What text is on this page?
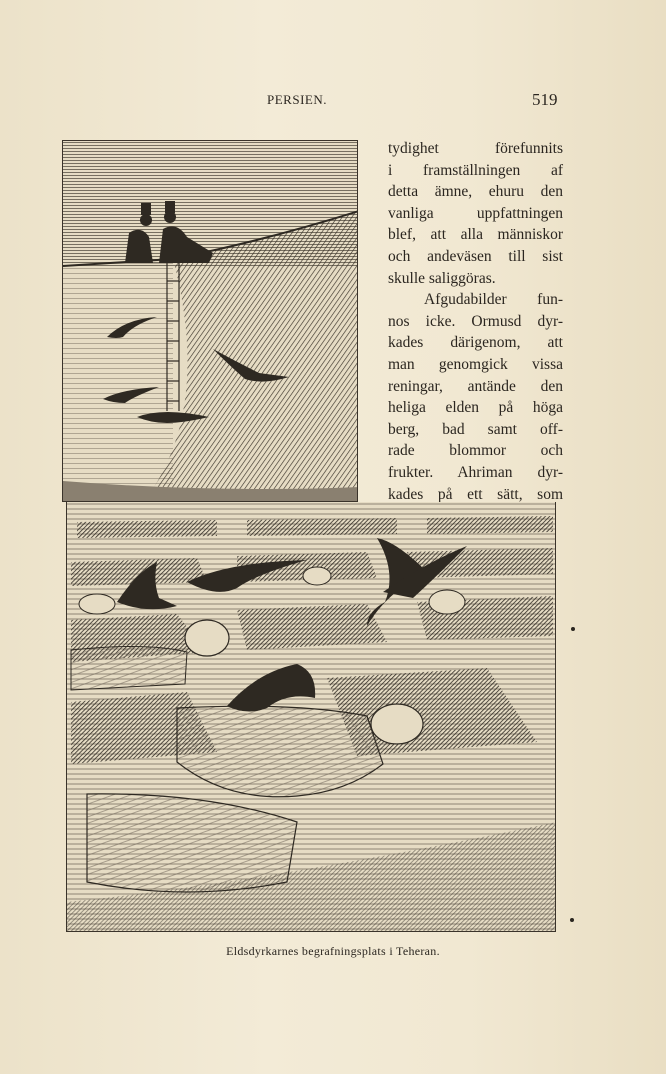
PERSIEN.	519
tydighet förefunnits
i framställningen af
detta ämne, ehuru den
vanliga uppfattningen
blef, att alla människor
och andeväsen till sist
skulle saliggöras.
Afgudabilder fun-
nos icke. Ormusd dyr-
kades därigenom, att
man genomgick vissa
reningar, antände den
heliga elden på höga
berg, bad samt off-
rade blommor och
frukter. Ahriman dyr-
kades på ett sätt, som
Eldsdyrkarnes begrafningsplats i Teheran.
